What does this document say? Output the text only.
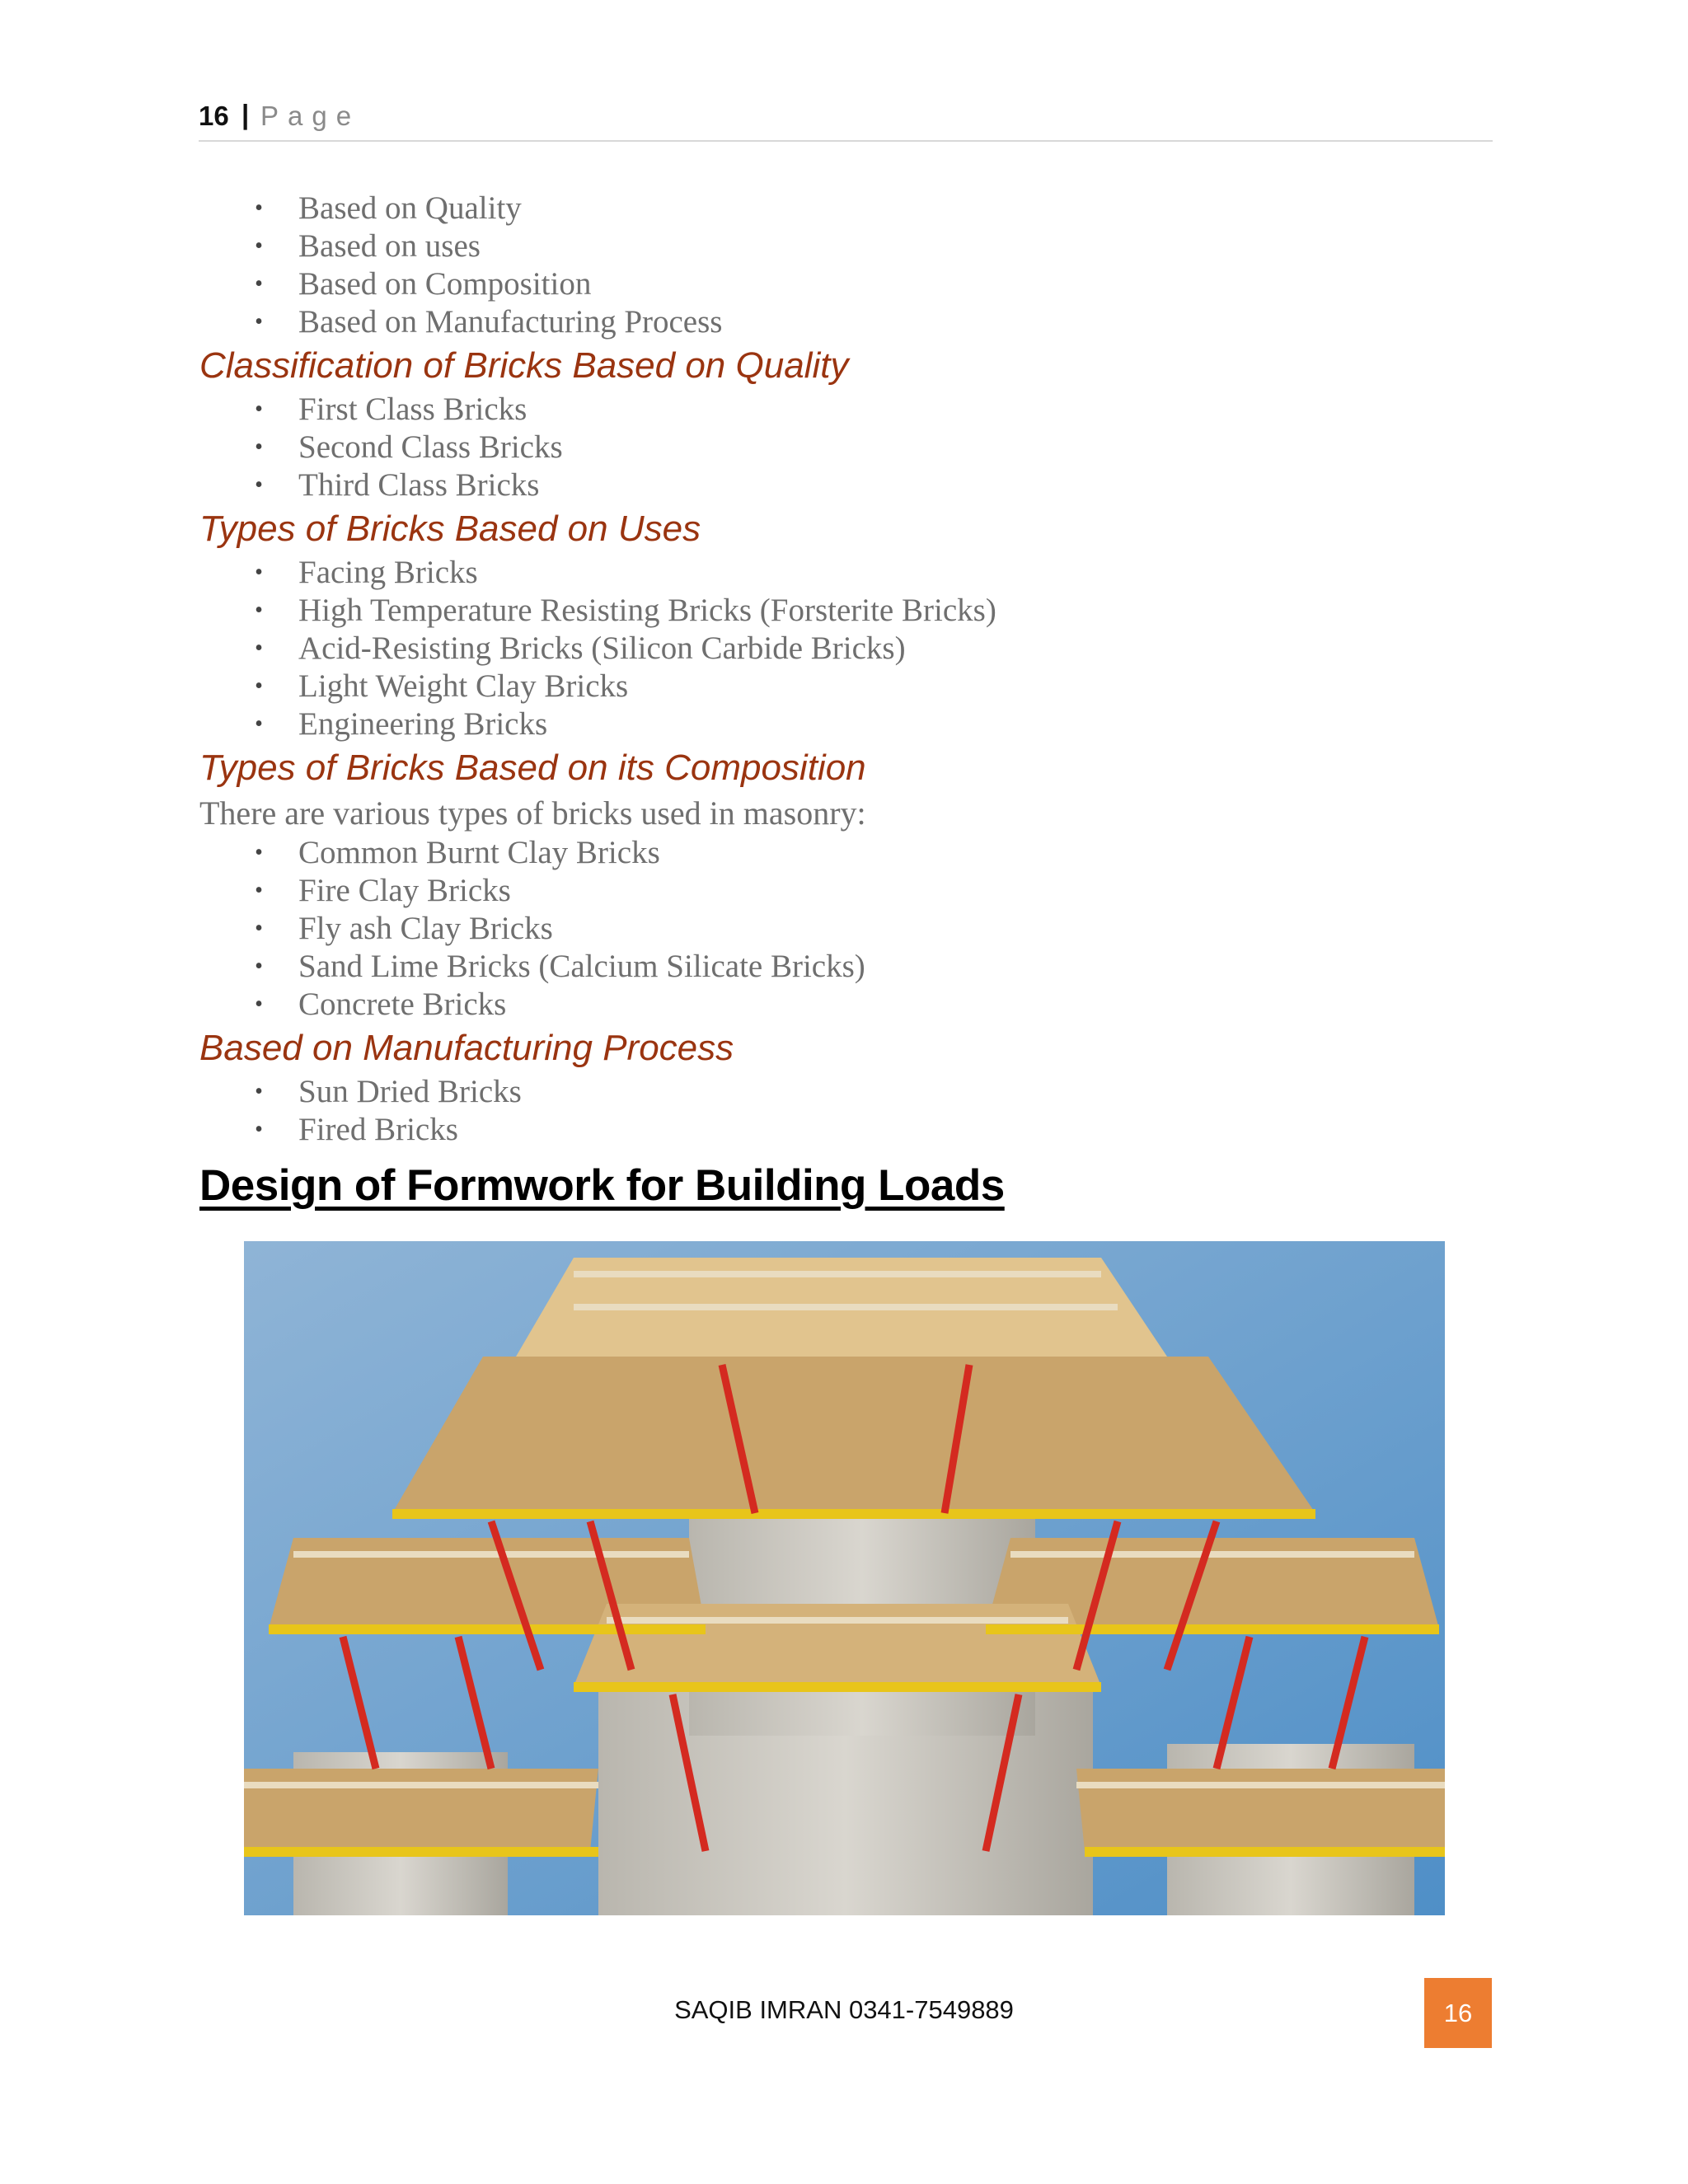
16 | Page
• Based on Quality
• Based on uses
• Based on Composition
• Based on Manufacturing Process
Classification of Bricks Based on Quality
• First Class Bricks
• Second Class Bricks
• Third Class Bricks
Types of Bricks Based on Uses
• Facing Bricks
• High Temperature Resisting Bricks (Forsterite Bricks)
• Acid-Resisting Bricks (Silicon Carbide Bricks)
• Light Weight Clay Bricks
• Engineering Bricks
Types of Bricks Based on its Composition
There are various types of bricks used in masonry:
• Common Burnt Clay Bricks
• Fire Clay Bricks
• Fly ash Clay Bricks
• Sand Lime Bricks (Calcium Silicate Bricks)
• Concrete Bricks
Based on Manufacturing Process
• Sun Dried Bricks
• Fired Bricks
Design of Formwork for Building Loads
SAQIB IMRAN 0341-7549889	16
